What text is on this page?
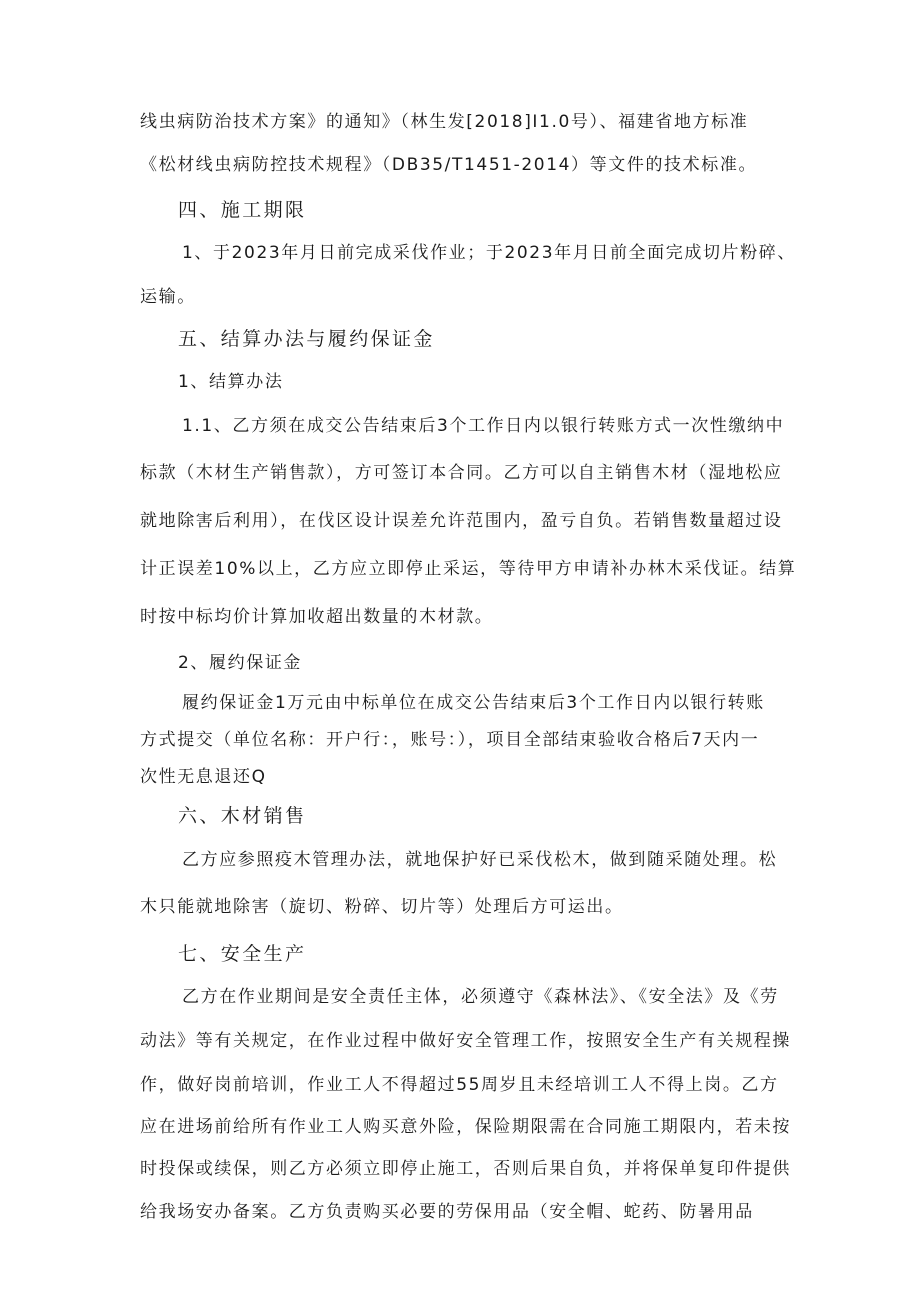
线虫病防治技术方案》的通知》（林生发[2018]I1.0号）、福建省地方标准
《松材线虫病防控技术规程》（DB35/T1451-2014）等文件的技术标准。
四、施工期限
1、于2023年月日前完成采伐作业；于2023年月日前全面完成切片粉碎、
运输。
五、结算办法与履约保证金
1、结算办法
1.1、乙方须在成交公告结束后3个工作日内以银行转账方式一次性缴纳中
标款（木材生产销售款），方可签订本合同。乙方可以自主销售木材（湿地松应
就地除害后利用），在伐区设计误差允许范围内，盈亏自负。若销售数量超过设
计正误差10%以上，乙方应立即停止采运，等待甲方申请补办林木采伐证。结算
时按中标均价计算加收超出数量的木材款。
2、履约保证金
履约保证金1万元由中标单位在成交公告结束后3个工作日内以银行转账
方式提交（单位名称：开户行：，账号：），项目全部结束验收合格后7天内一
次性无息退还Q
六、木材销售
乙方应参照疫木管理办法，就地保护好已采伐松木，做到随采随处理。松
木只能就地除害（旋切、粉碎、切片等）处理后方可运出。
七、安全生产
乙方在作业期间是安全责任主体，必须遵守《森林法》、《安全法》及《劳
动法》等有关规定，在作业过程中做好安全管理工作，按照安全生产有关规程操
作，做好岗前培训，作业工人不得超过55周岁且未经培训工人不得上岗。乙方
应在进场前给所有作业工人购买意外险，保险期限需在合同施工期限内，若未按
时投保或续保，则乙方必须立即停止施工，否则后果自负，并将保单复印件提供
给我场安办备案。乙方负责购买必要的劳保用品（安全帽、蛇药、防暑用品
